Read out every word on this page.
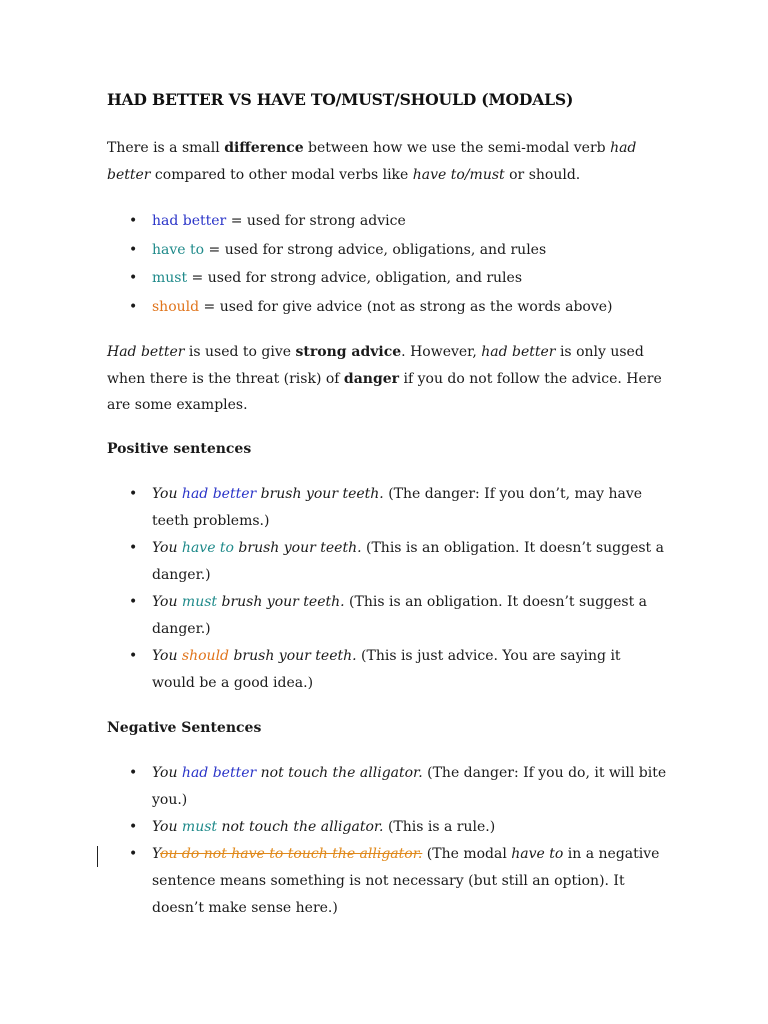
HAD BETTER VS HAVE TO/MUST/SHOULD (MODALS)

There is a small difference between how we use the semi-modal verb had better compared to other modal verbs like have to/must or should.

• had better = used for strong advice
• have to = used for strong advice, obligations, and rules
• must = used for strong advice, obligation, and rules
• should = used for give advice (not as strong as the words above)

Had better is used to give strong advice. However, had better is only used when there is the threat (risk) of danger if you do not follow the advice. Here are some examples.

Positive sentences

• You had better brush your teeth. (The danger: If you don’t, may have teeth problems.)
• You have to brush your teeth. (This is an obligation. It doesn’t suggest a danger.)
• You must brush your teeth. (This is an obligation. It doesn’t suggest a danger.)
• You should brush your teeth. (This is just advice. You are saying it would be a good idea.)

Negative Sentences

• You had better not touch the alligator. (The danger: If you do, it will bite you.)
• You must not touch the alligator. (This is a rule.)
• You do not have to touch the alligator. (The modal have to in a negative sentence means something is not necessary (but still an option). It doesn’t make sense here.)
